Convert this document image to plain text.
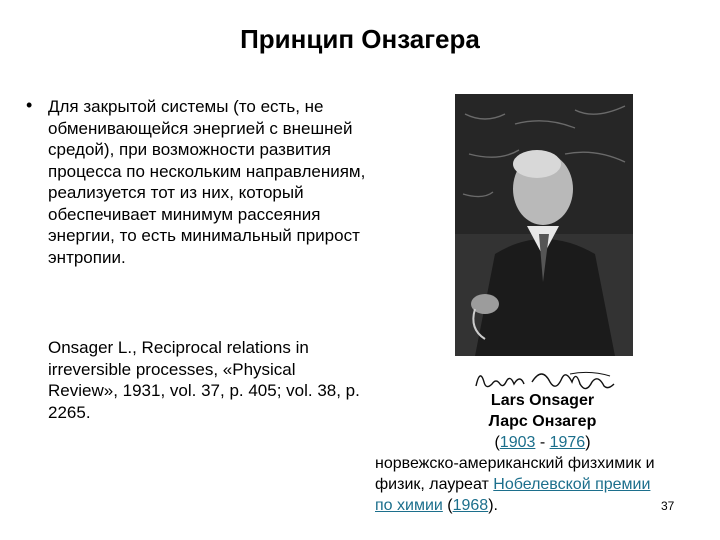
Принцип Онзагера
• Для закрытой системы (то есть, не обменивающейся энергией с внешней средой), при возможности развития процесса по нескольким направлениям, реализуется тот из них, который обеспечивает минимум рассеяния энергии, то есть минимальный прирост энтропии.
Onsager L., Reciprocal relations in irreversible processes, «Physical Review», 1931, vol. 37, p. 405; vol. 38, p. 2265.
Lars Onsager
Ларс Онзагер
(1903 - 1976)
норвежско-американский физхимик и
физик, лауреат Нобелевской премии
по химии (1968).	37
